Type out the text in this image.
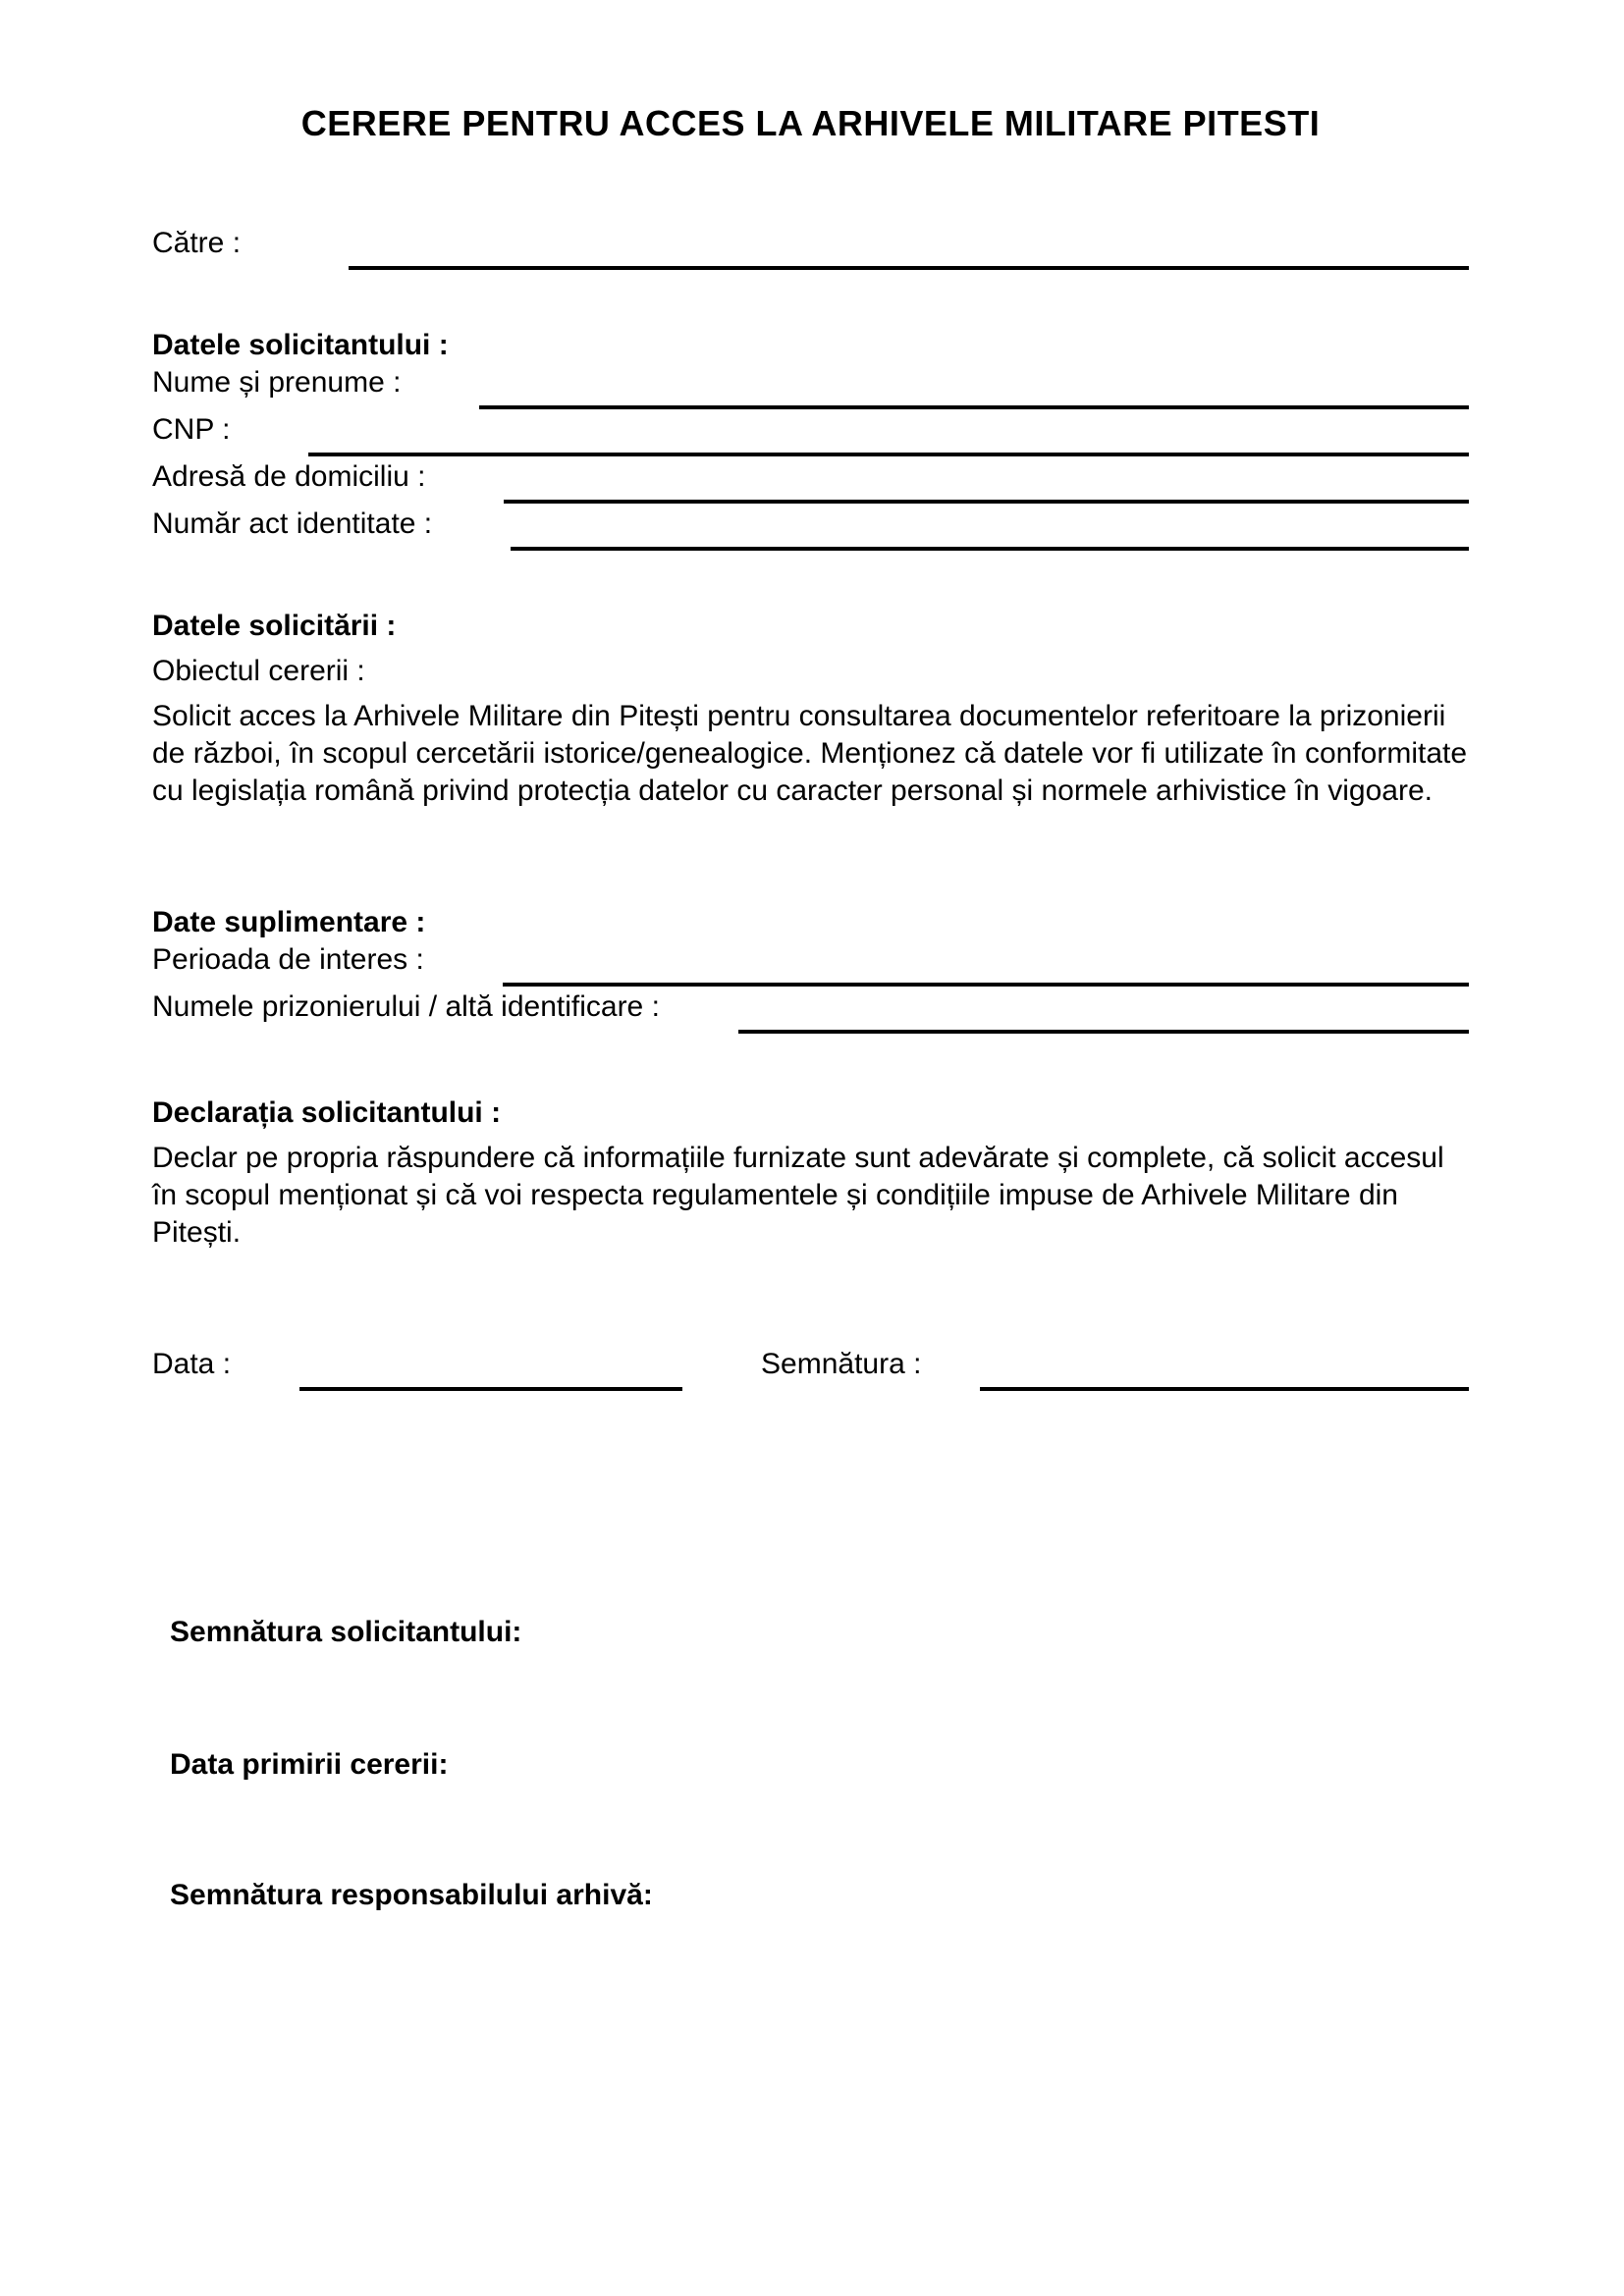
CERERE PENTRU ACCES LA ARHIVELE MILITARE PITESTI
Către :
Datele solicitantului :
Nume și prenume :
CNP :
Adresă de domiciliu :
Număr act identitate :
Datele solicitării :
Obiectul cererii :

Solicit acces la Arhivele Militare din Pitești pentru consultarea documentelor referitoare la prizonierii de război, în scopul cercetării istorice/genealogice. Menționez că datele vor fi utilizate în conformitate cu legislația română privind protecția datelor cu caracter personal și normele arhivistice în vigoare.

Date suplimentare :
Perioada de interes :
Numele prizonierului / altă identificare :
Declarația solicitantului :

Declar pe propria răspundere că informațiile furnizate sunt adevărate și complete, că solicit accesul în scopul menționat și că voi respecta regulamentele și condițiile impuse de Arhivele Militare din Pitești.

Data :	Semnătura :
Semnătura solicitantului:
Data primirii cererii:
Semnătura responsabilului arhivă:
